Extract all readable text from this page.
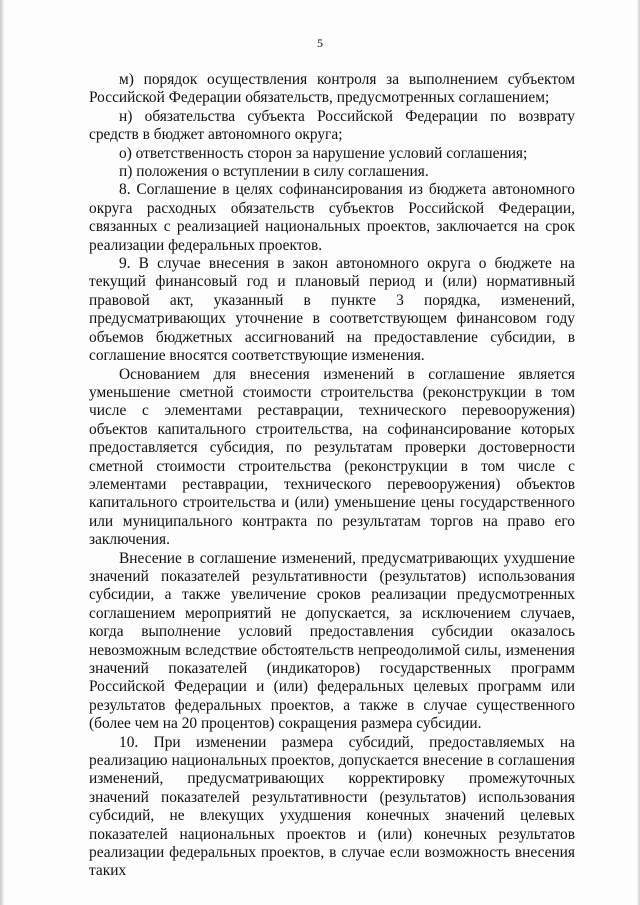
5

м) порядок осуществления контроля за выполнением субъектом Российской Федерации обязательств, предусмотренных соглашением;

н) обязательства субъекта Российской Федерации по возврату средств в бюджет автономного округа;

о) ответственность сторон за нарушение условий соглашения;

п) положения о вступлении в силу соглашения.

8. Соглашение в целях софинансирования из бюджета автономного округа расходных обязательств субъектов Российской Федерации, связанных с реализацией национальных проектов, заключается на срок реализации федеральных проектов.

9. В случае внесения в закон автономного округа о бюджете на текущий финансовый год и плановый период и (или) нормативный правовой акт, указанный в пункте 3 порядка, изменений, предусматривающих уточнение в соответствующем финансовом году объемов бюджетных ассигнований на предоставление субсидии, в соглашение вносятся соответствующие изменения.

Основанием для внесения изменений в соглашение является уменьшение сметной стоимости строительства (реконструкции в том числе с элементами реставрации, технического перевооружения) объектов капитального строительства, на софинансирование которых предоставляется субсидия, по результатам проверки достоверности сметной стоимости строительства (реконструкции в том числе с элементами реставрации, технического перевооружения) объектов капитального строительства и (или) уменьшение цены государственного или муниципального контракта по результатам торгов на право его заключения.

Внесение в соглашение изменений, предусматривающих ухудшение значений показателей результативности (результатов) использования субсидии, а также увеличение сроков реализации предусмотренных соглашением мероприятий не допускается, за исключением случаев, когда выполнение условий предоставления субсидии оказалось невозможным вследствие обстоятельств непреодолимой силы, изменения значений показателей (индикаторов) государственных программ Российской Федерации и (или) федеральных целевых программ или результатов федеральных проектов, а также в случае существенного (более чем на 20 процентов) сокращения размера субсидии.

10. При изменении размера субсидий, предоставляемых на реализацию национальных проектов, допускается внесение в соглашения изменений, предусматривающих корректировку промежуточных значений показателей результативности (результатов) использования субсидий, не влекущих ухудшения конечных значений целевых показателей национальных проектов и (или) конечных результатов реализации федеральных проектов, в случае если возможность внесения таких
